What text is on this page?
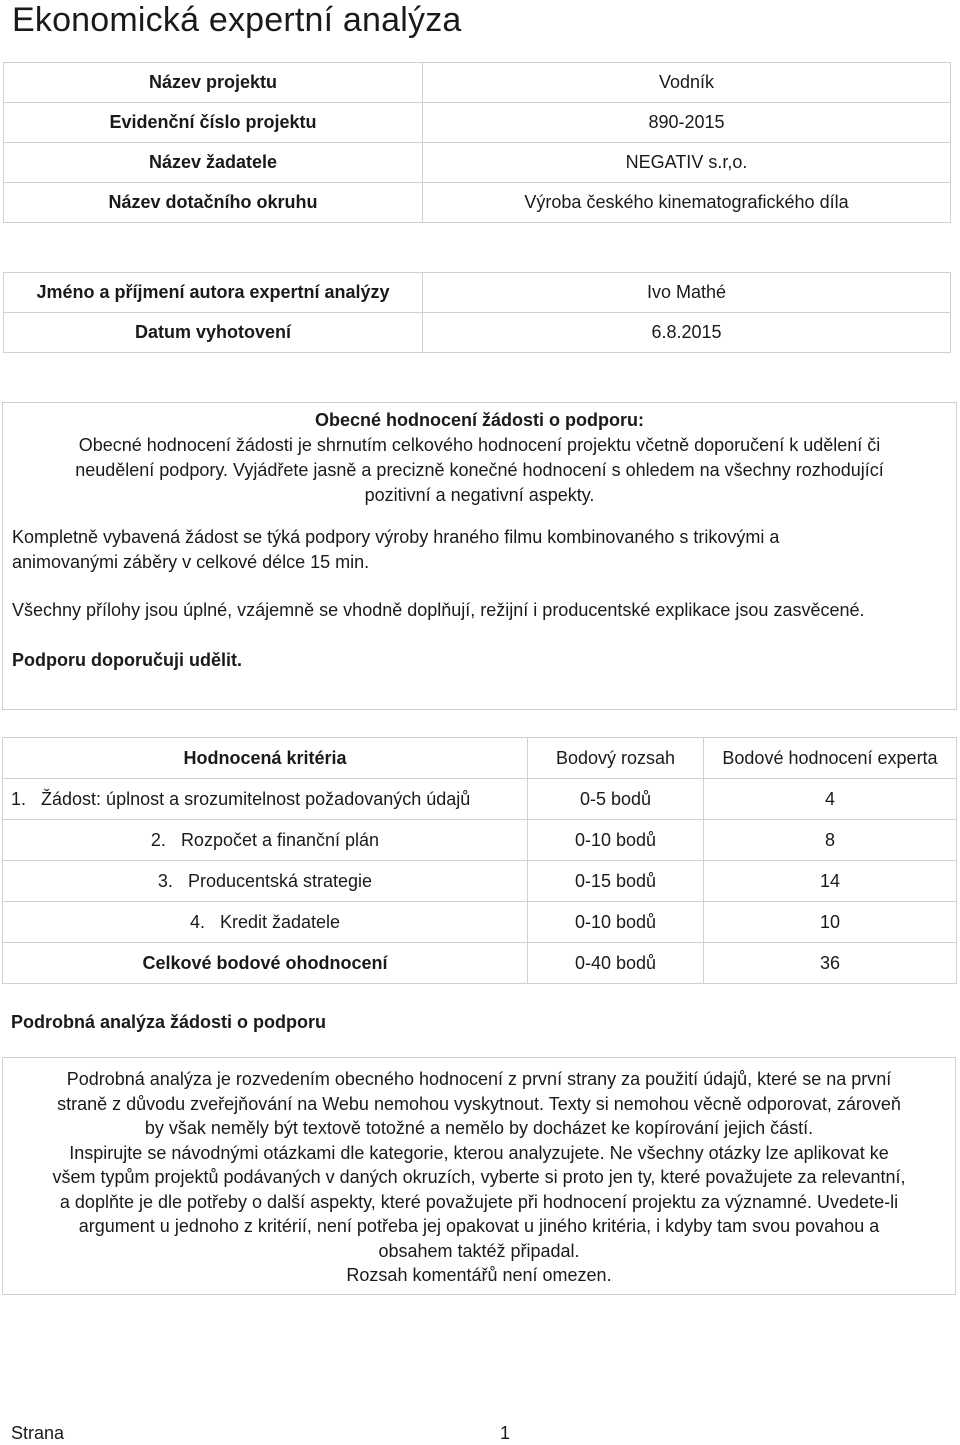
Ekonomická expertní analýza
Název projektu	Vodník
Evidenční číslo projektu	890-2015
Název žadatele	NEGATIV s.r,o.
Název dotačního okruhu	Výroba českého kinematografického díla
Jméno a příjmení autora expertní analýzy	Ivo Mathé
Datum vyhotovení	6.8.2015
Obecné hodnocení žádosti o podporu:
Obecné hodnocení žádosti je shrnutím celkového hodnocení projektu včetně doporučení k udělení či
neudělení podpory. Vyjádřete jasně a precizně konečné hodnocení s ohledem na všechny rozhodující
pozitivní a negativní aspekty.
Kompletně vybavená žádost se týká podpory výroby hraného filmu kombinovaného s trikovými a
animovanými záběry v celkové délce 15 min.
Všechny přílohy jsou úplné, vzájemně se vhodně doplňují, režijní i producentské explikace jsou zasvěcené.
Podporu doporučuji udělit.
Hodnocená kritéria	Bodový rozsah	Bodové hodnocení experta
1. Žádost: úplnost a srozumitelnost požadovaných údajů	0-5 bodů	4
2. Rozpočet a finanční plán	0-10 bodů	8
3. Producentská strategie	0-15 bodů	14
4. Kredit žadatele	0-10 bodů	10
Celkové bodové ohodnocení	0-40 bodů	36
Podrobná analýza žádosti o podporu
Podrobná analýza je rozvedením obecného hodnocení z první strany za použití údajů, které se na první
straně z důvodu zveřejňování na Webu nemohou vyskytnout. Texty si nemohou věcně odporovat, zároveň
by však neměly být textově totožné a nemělo by docházet ke kopírování jejich částí.
Inspirujte se návodnými otázkami dle kategorie, kterou analyzujete. Ne všechny otázky lze aplikovat ke
všem typům projektů podávaných v daných okruzích, vyberte si proto jen ty, které považujete za relevantní,
a doplňte je dle potřeby o další aspekty, které považujete při hodnocení projektu za významné. Uvedete-li
argument u jednoho z kritérií, není potřeba jej opakovat u jiného kritéria, i kdyby tam svou povahou a
obsahem taktéž připadal.
Rozsah komentářů není omezen.
Strana	1
